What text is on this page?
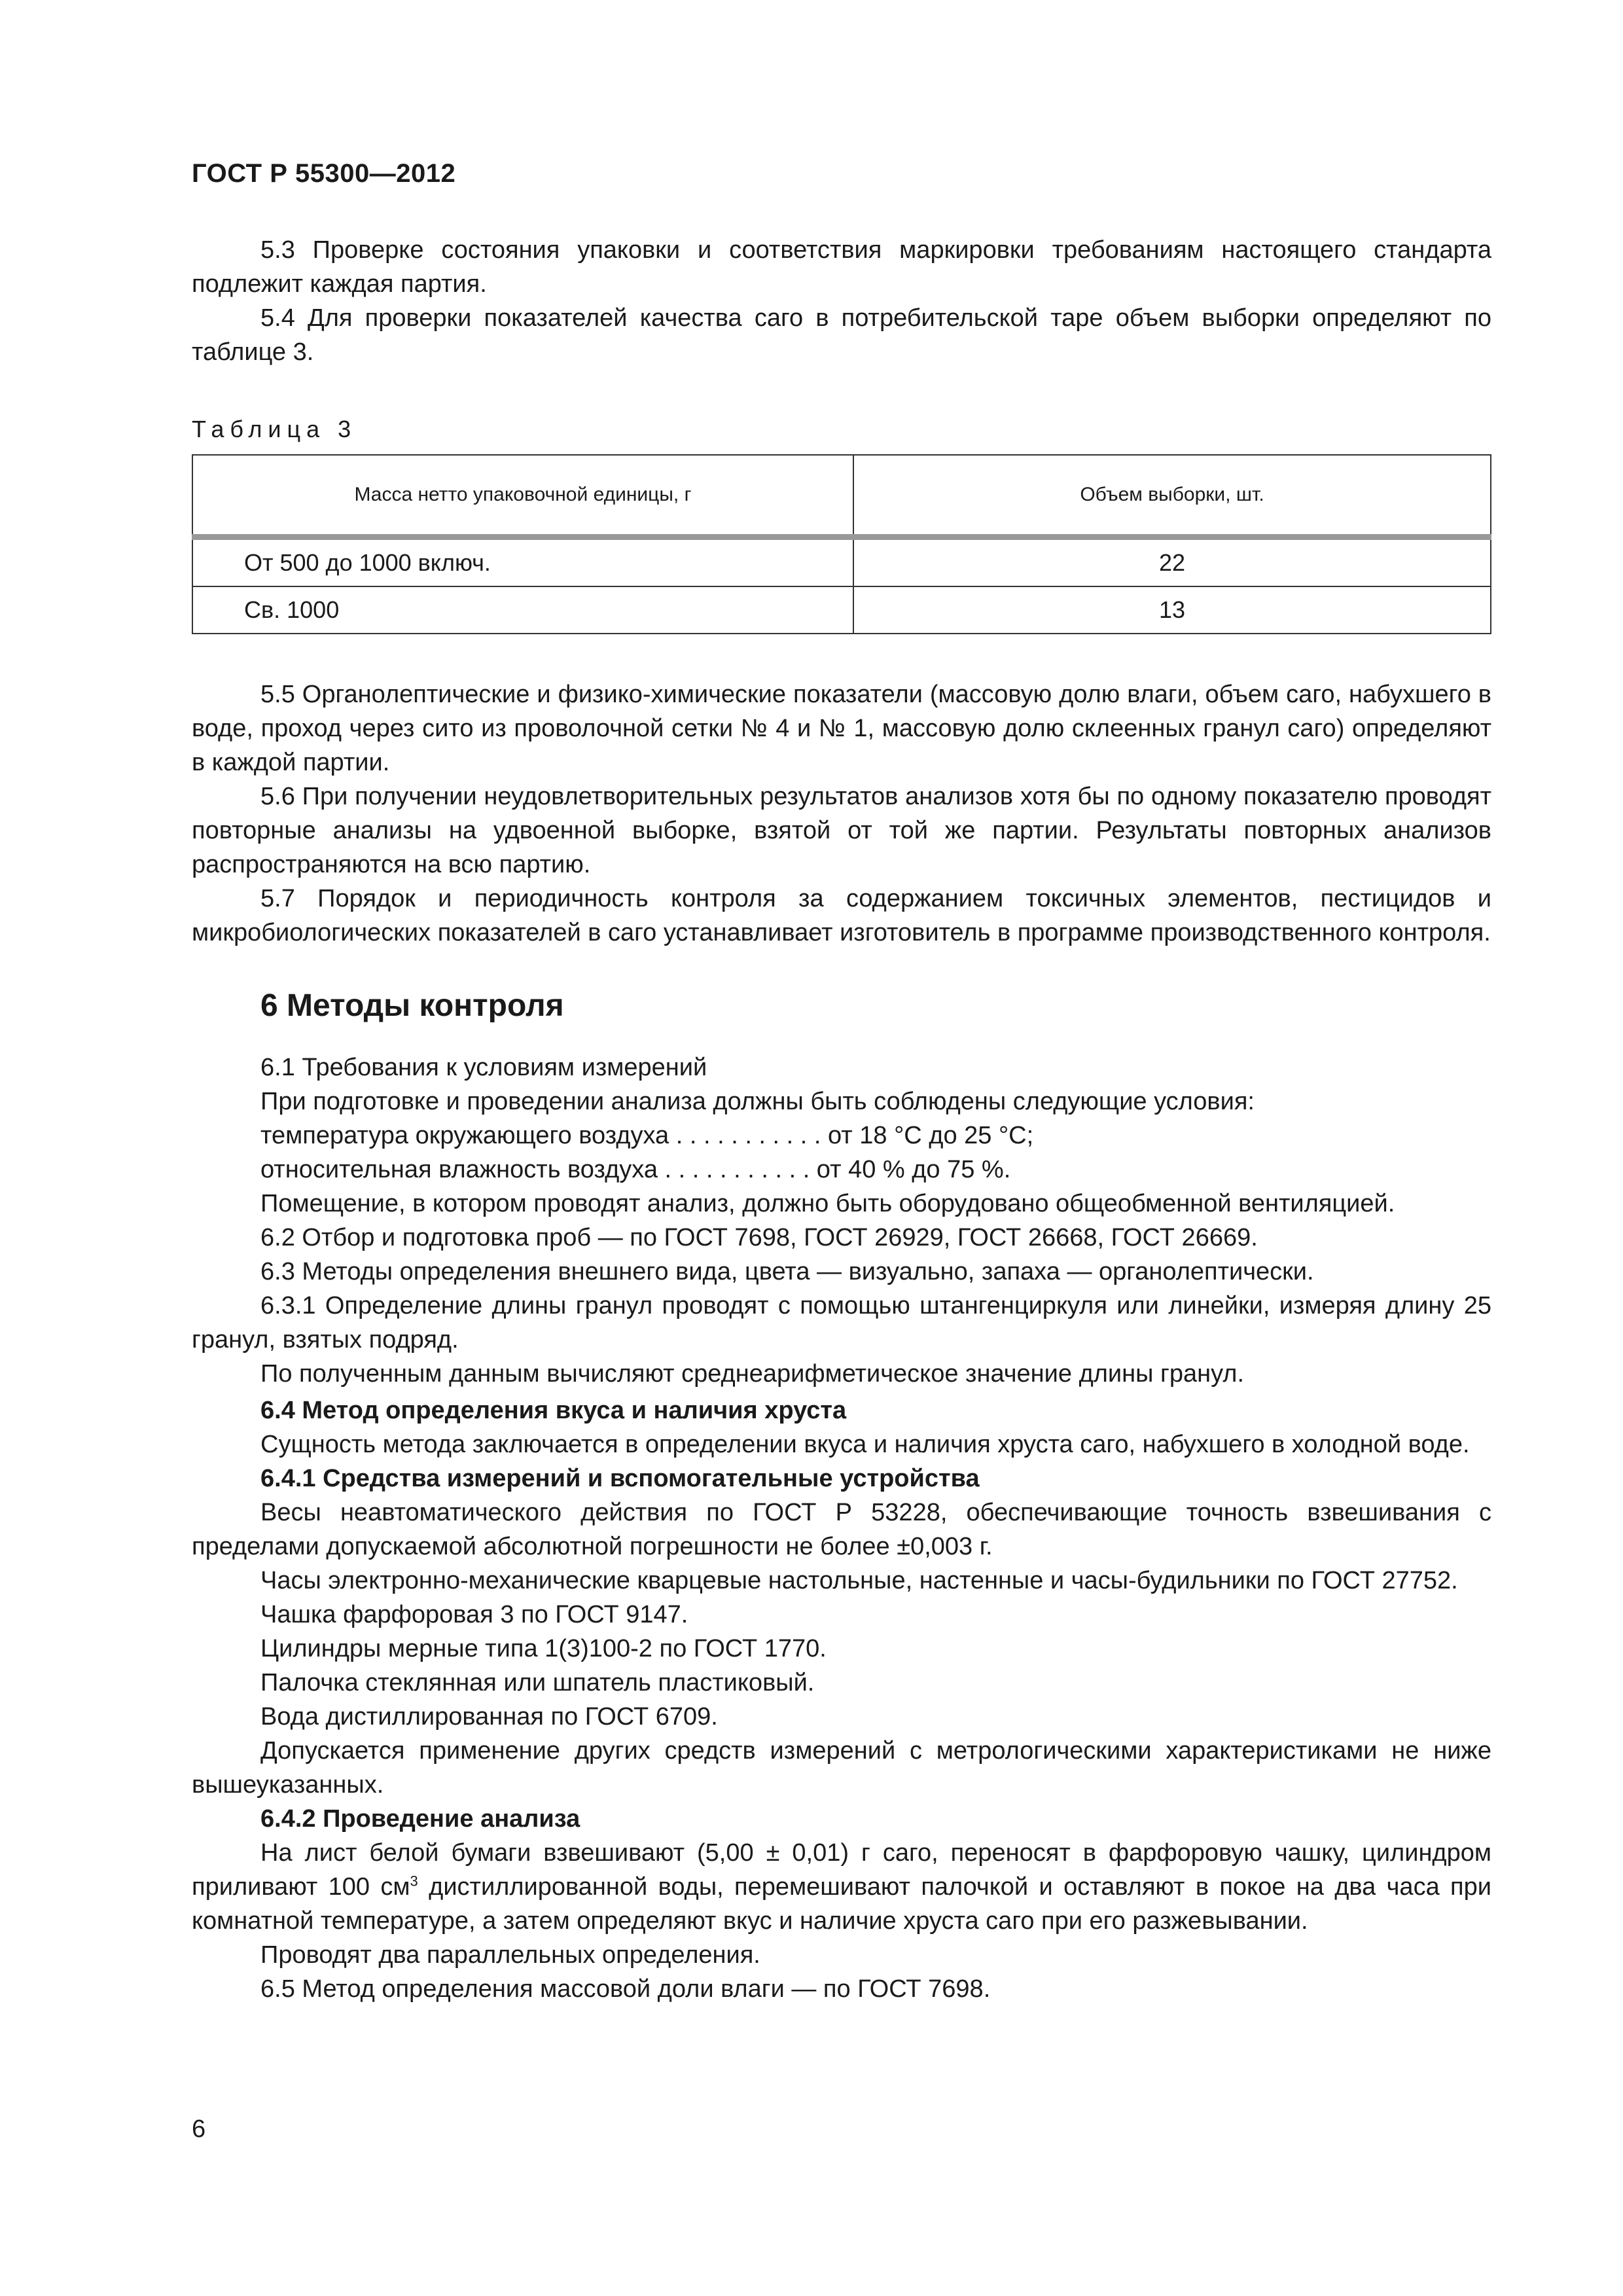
ГОСТ Р 55300—2012

5.3 Проверке состояния упаковки и соответствия маркировки требованиям настоящего стандарта подлежит каждая партия.

5.4 Для проверки показателей качества саго в потребительской таре объем выборки определяют по таблице 3.

Таблица 3
Масса нетто упаковочной единицы, г	Объем выборки, шт.
От 500 до 1000 включ.	22
Св. 1000	13

5.5 Органолептические и физико-химические показатели (массовую долю влаги, объем саго, набухшего в воде, проход через сито из проволочной сетки № 4 и № 1, массовую долю склеенных гранул саго) определяют в каждой партии.

5.6 При получении неудовлетворительных результатов анализов хотя бы по одному показателю проводят повторные анализы на удвоенной выборке, взятой от той же партии. Результаты повторных анализов распространяются на всю партию.

5.7 Порядок и периодичность контроля за содержанием токсичных элементов, пестицидов и микробиологических показателей в саго устанавливает изготовитель в программе производственного контроля.

6 Методы контроля

6.1 Требования к условиям измерений

При подготовке и проведении анализа должны быть соблюдены следующие условия:

температура окружающего воздуха . . . . . . . . . . . от 18 °C до 25 °C;

относительная влажность воздуха . . . . . . . . . . . от 40 % до 75 %.

Помещение, в котором проводят анализ, должно быть оборудовано общеобменной вентиляцией.

6.2 Отбор и подготовка проб — по ГОСТ 7698, ГОСТ 26929, ГОСТ 26668, ГОСТ 26669.

6.3 Методы определения внешнего вида, цвета — визуально, запаха — органолептически.

6.3.1 Определение длины гранул проводят с помощью штангенциркуля или линейки, измеряя длину 25 гранул, взятых подряд.

По полученным данным вычисляют среднеарифметическое значение длины гранул.

6.4 Метод определения вкуса и наличия хруста

Сущность метода заключается в определении вкуса и наличия хруста саго, набухшего в холодной воде.

6.4.1 Средства измерений и вспомогательные устройства

Весы неавтоматического действия по ГОСТ Р 53228, обеспечивающие точность взвешивания с пределами допускаемой абсолютной погрешности не более ±0,003 г.

Часы электронно-механические кварцевые настольные, настенные и часы-будильники по ГОСТ 27752.

Чашка фарфоровая 3 по ГОСТ 9147.

Цилиндры мерные типа 1(3)100-2 по ГОСТ 1770.

Палочка стеклянная или шпатель пластиковый.

Вода дистиллированная по ГОСТ 6709.

Допускается применение других средств измерений с метрологическими характеристиками не ниже вышеуказанных.

6.4.2 Проведение анализа

На лист белой бумаги взвешивают (5,00 ± 0,01) г саго, переносят в фарфоровую чашку, цилиндром приливают 100 $см^3$ дистиллированной воды, перемешивают палочкой и оставляют в покое на два часа при комнатной температуре, а затем определяют вкус и наличие хруста саго при его разжевывании.

Проводят два параллельных определения.

6.5 Метод определения массовой доли влаги — по ГОСТ 7698.

6
